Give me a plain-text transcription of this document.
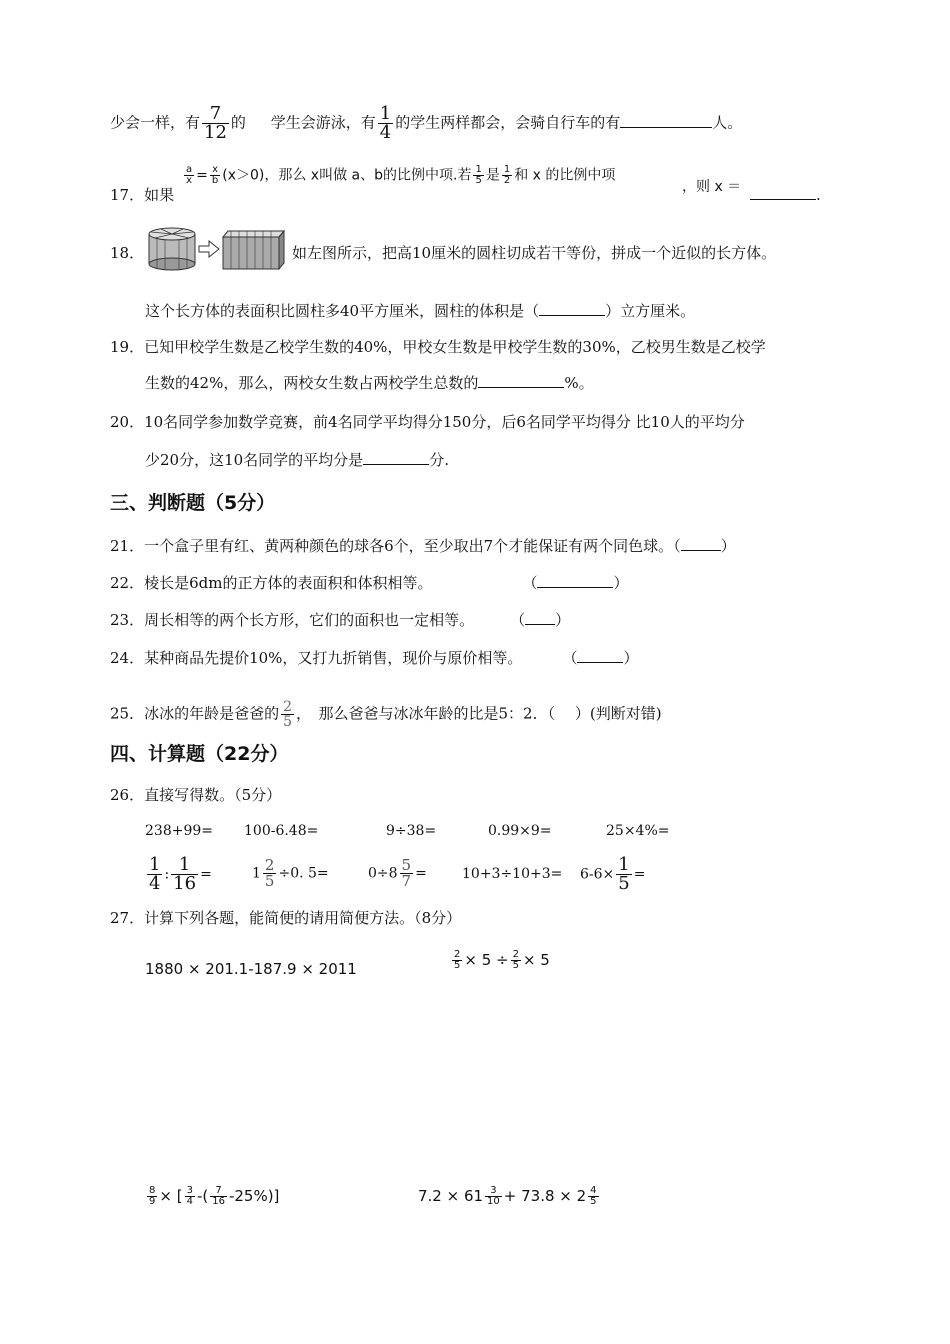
少会一样，有 $\frac{7}{12}$ 的 学生会游泳，有 $\frac{1}{4}$ 的学生两样都会，会骑自行车的有	人。
17．如果
$\frac{a}{x} = \frac{x}{b} (x>0)$，那么 x叫做 a、b的比例中项.若 $\frac{1}{5}$ 是 $\frac{1}{2}$ 和 x 的比例中项
，则 x ＝	.
18．	如左图所示，把高10厘米的圆柱切成若干等份，拼成一个近似的长方体。
这个长方体的表面积比圆柱多40平方厘米，圆柱的体积是（	）立方厘米。
19．已知甲校学生数是乙校学生数的40%，甲校女生数是甲校学生数的30%，乙校男生数是乙校学
生数的42%，那么，两校女生数占两校学生总数的	%。
20．10名同学参加数学竞赛，前4名同学平均得分150分，后6名同学平均得分 比10人的平均分
少20分，这10名同学的平均分是	分.
三、判断题（5分）
21．一个盒子里有红、黄两种颜色的球各6个，至少取出7个才能保证有两个同色球。（	）
22．棱长是6dm的正方体的表面积和体积相等。	（	）
23．周长相等的两个长方形，它们的面积也一定相等。 （ ）
24．某种商品先提价10%，又打九折销售，现价与原价相等。	（	）
25．冰冰的年龄是爸爸的 $\frac{2}{5}$ ，　那么爸爸与冰冰年龄的比是5：2．（　 ）(判断对错)
四、计算题（22分）
26．直接写得数。（5分）
238+99= 100-6.48=	9÷38=	0.99×9=	25×4%=
$\frac{1}{4}$ : $\frac{1}{16}$ =	$1 \frac{2}{5} \div 0$. 5=	$0\div 8 \frac{5}{7}$ =	$10+3\div 10+3= 6-6\times \frac{1}{5}$ =
27．计算下列各题，能简便的请用简便方法。（8分）
1880 × 201.1-187.9 × 2011	$\frac{2}{5} \times 5 \div \frac{2}{5} \times 5$
$\frac{8}{9}$ × [ $\frac{3}{4}$ -( $\frac{7}{16} -25\%$)]	$7.2 \times 61 \frac{3}{10} + 73.8 \times 2 \frac{4}{5}$
